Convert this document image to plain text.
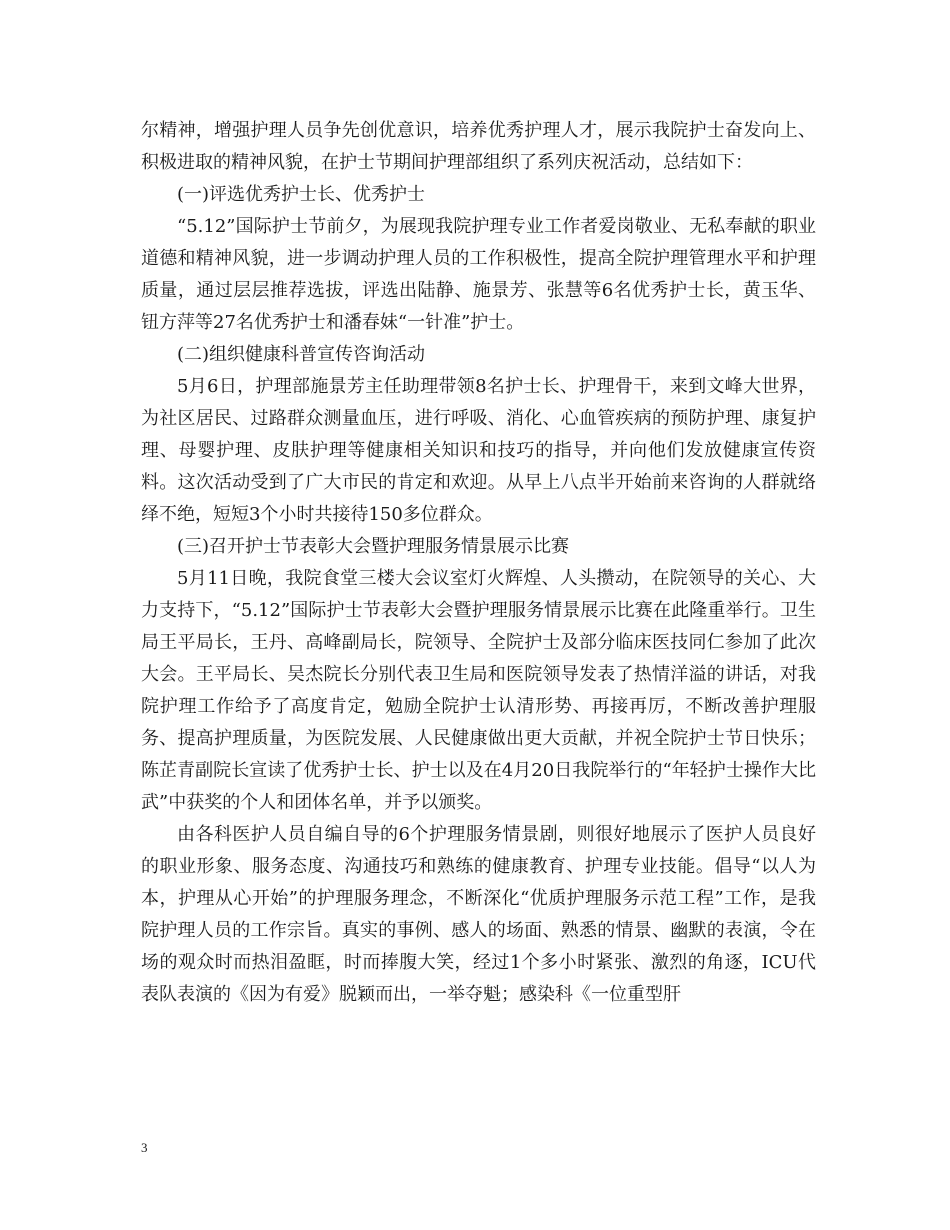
尔精神，增强护理人员争先创优意识，培养优秀护理人才，展示我院护士奋发向上、积极进取的精神风貌，在护士节期间护理部组织了系列庆祝活动，总结如下：

(一)评选优秀护士长、优秀护士

“5.12”国际护士节前夕，为展现我院护理专业工作者爱岗敬业、无私奉献的职业道德和精神风貌，进一步调动护理人员的工作积极性，提高全院护理管理水平和护理质量，通过层层推荐选拔，评选出陆静、施景芳、张慧等6名优秀护士长，黄玉华、钮方萍等27名优秀护士和潘春妹“一针准”护士。

(二)组织健康科普宣传咨询活动

5月6日，护理部施景芳主任助理带领8名护士长、护理骨干，来到文峰大世界，为社区居民、过路群众测量血压，进行呼吸、消化、心血管疾病的预防护理、康复护理、母婴护理、皮肤护理等健康相关知识和技巧的指导，并向他们发放健康宣传资料。这次活动受到了广大市民的肯定和欢迎。从早上八点半开始前来咨询的人群就络绎不绝，短短3个小时共接待150多位群众。

(三)召开护士节表彰大会暨护理服务情景展示比赛

5月11日晚，我院食堂三楼大会议室灯火辉煌、人头攒动，在院领导的关心、大力支持下，“5.12”国际护士节表彰大会暨护理服务情景展示比赛在此隆重举行。卫生局王平局长，王丹、高峰副局长，院领导、全院护士及部分临床医技同仁参加了此次大会。王平局长、吴杰院长分别代表卫生局和医院领导发表了热情洋溢的讲话，对我院护理工作给予了高度肯定，勉励全院护士认清形势、再接再厉，不断改善护理服务、提高护理质量，为医院发展、人民健康做出更大贡献，并祝全院护士节日快乐；陈芷青副院长宣读了优秀护士长、护士以及在4月20日我院举行的“年轻护士操作大比武”中获奖的个人和团体名单，并予以颁奖。

由各科医护人员自编自导的6个护理服务情景剧，则很好地展示了医护人员良好的职业形象、服务态度、沟通技巧和熟练的健康教育、护理专业技能。倡导“以人为本，护理从心开始”的护理服务理念，不断深化“优质护理服务示范工程”工作，是我院护理人员的工作宗旨。真实的事例、感人的场面、熟悉的情景、幽默的表演，令在场的观众时而热泪盈眶，时而捧腹大笑，经过1个多小时紧张、激烈的角逐，ICU代表队表演的《因为有爱》脱颖而出，一举夺魁；感染科《一位重型肝

3
